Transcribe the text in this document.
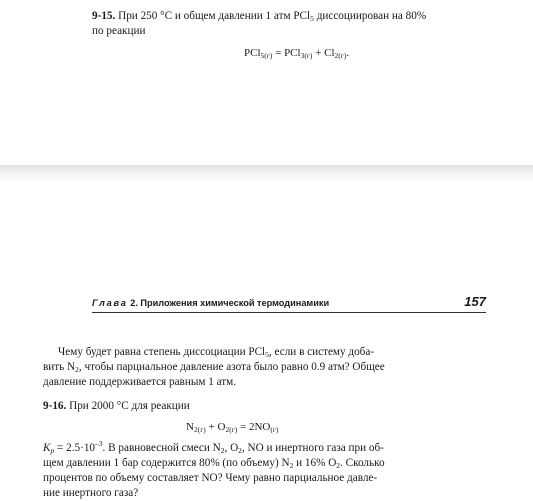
9-15. При 250 °С и общем давлении 1 атм PCl$_5$ диссоциирован на 80%
по реакции
$PCl_{5(г)} = PCl_{3(г)} + Cl_{2(г)}$.
Глава 2. Приложения химической термодинамики	157
Чему будет равна степень диссоциации PCl$_5$, если в систему доба-
вить $N_2$, чтобы парциальное давление азота было равно 0.9 атм? Общее
давление поддерживается равным 1 атм.
9-16. При 2000 °С для реакции
$N_{2(г)} + O_{2(г)} = 2NO_{(г)}$
$K_p = 2.5\cdot 10^{-3}$. В равновесной смеси $N_2$, $O_2$, NO и инертного газа при об-
щем давлении 1 бар содержится 80% (по объему) $N_2$ и 16% $O_2$. Сколько
процентов по объему составляет NO? Чему равно парциальное давле-
ние инертного газа?
